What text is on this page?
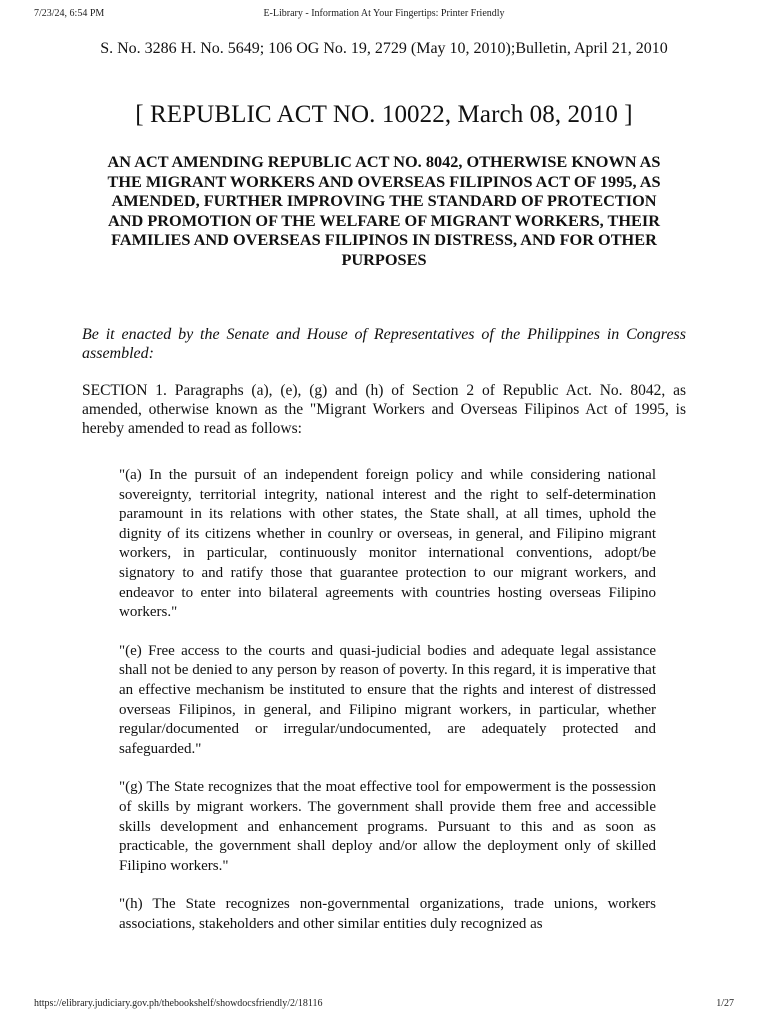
7/23/24, 6:54 PM	E-Library - Information At Your Fingertips: Printer Friendly

S. No. 3286 H. No. 5649; 106 OG No. 19, 2729 (May 10, 2010);Bulletin, April 21, 2010

[ REPUBLIC ACT NO. 10022, March 08, 2010 ]
AN ACT AMENDING REPUBLIC ACT NO. 8042, OTHERWISE KNOWN AS THE MIGRANT WORKERS AND OVERSEAS FILIPINOS ACT OF 1995, AS AMENDED, FURTHER IMPROVING THE STANDARD OF PROTECTION AND PROMOTION OF THE WELFARE OF MIGRANT WORKERS, THEIR FAMILIES AND OVERSEAS FILIPINOS IN DISTRESS, AND FOR OTHER PURPOSES

Be it enacted by the Senate and House of Representatives of the Philippines in Congress assembled:

SECTION 1. Paragraphs (a), (e), (g) and (h) of Section 2 of Republic Act. No. 8042, as amended, otherwise known as the "Migrant Workers and Overseas Filipinos Act of 1995, is hereby amended to read as follows:

"(a) In the pursuit of an independent foreign policy and while considering national sovereignty, territorial integrity, national interest and the right to self-determination paramount in its relations with other states, the State shall, at all times, uphold the dignity of its citizens whether in counlry or overseas, in general, and Filipino migrant workers, in particular, continuously monitor international conventions, adopt/be signatory to and ratify those that guarantee protection to our migrant workers, and endeavor to enter into bilateral agreements with countries hosting overseas Filipino workers."

"(e) Free access to the courts and quasi-judicial bodies and adequate legal assistance shall not be denied to any person by reason of poverty. In this regard, it is imperative that an effective mechanism be instituted to ensure that the rights and interest of distressed overseas Filipinos, in general, and Filipino migrant workers, in particular, whether regular/documented or irregular/undocumented, are adequately protected and safeguarded."

"(g) The State recognizes that the moat effective tool for empowerment is the possession of skills by migrant workers. The government shall provide them free and accessible skills development and enhancement programs. Pursuant to this and as soon as practicable, the government shall deploy and/or allow the deployment only of skilled Filipino workers."

"(h) The State recognizes non-governmental organizations, trade unions, workers associations, stakeholders and other similar entities duly recognized as

https://elibrary.judiciary.gov.ph/thebookshelf/showdocsfriendly/2/18116	1/27
